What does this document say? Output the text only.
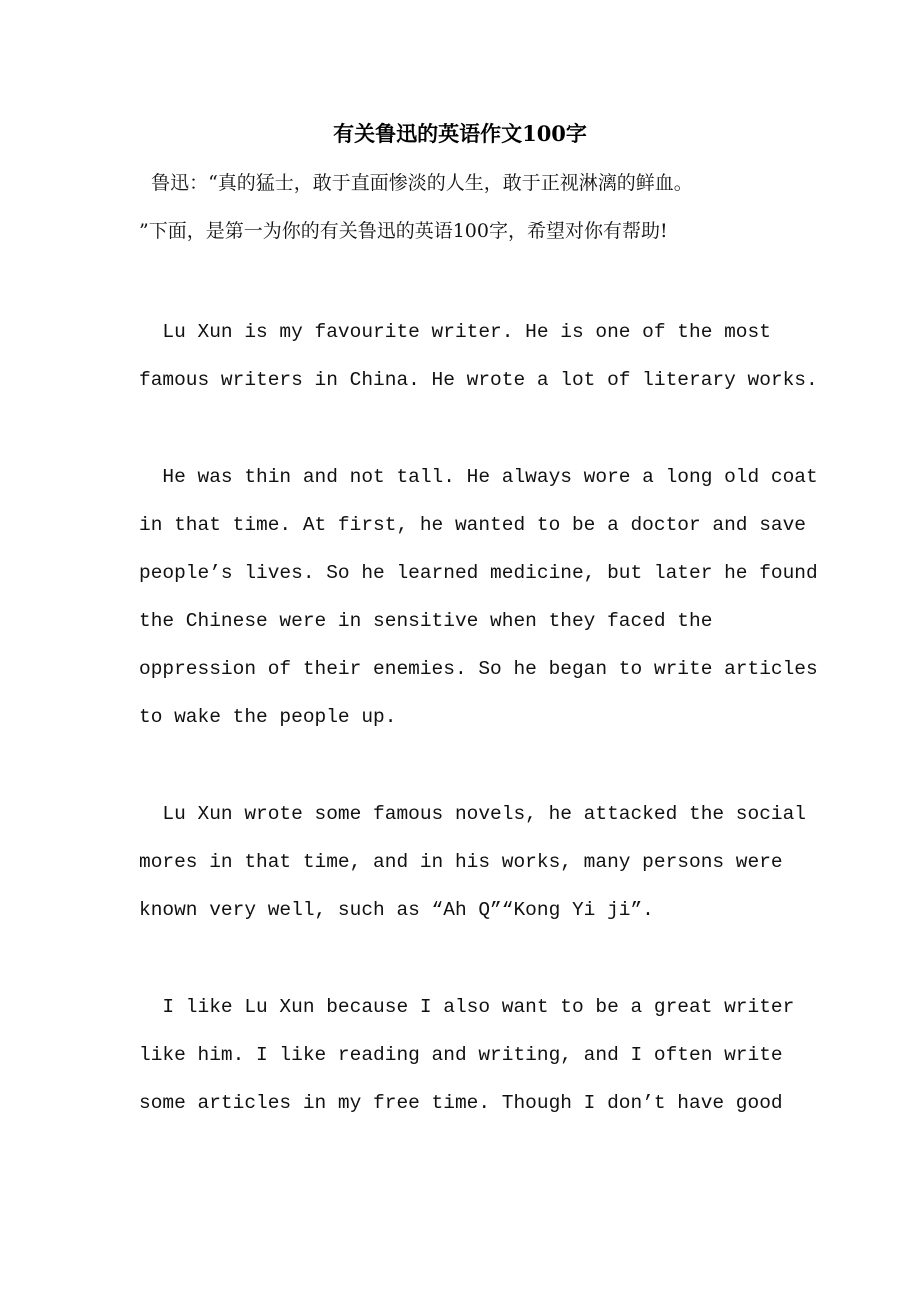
有关鲁迅的英语作文100字

鲁迅：“真的猛士，敢于直面惨淡的人生，敢于正视淋漓的鲜血。

”下面，是第一为你的有关鲁迅的英语100字，希望对你有帮助!

Lu Xun is my favourite writer. He is one of the most

famous writers in China. He wrote a lot of literary works.

He was thin and not tall. He always wore a long old coat

in that time. At first, he wanted to be a doctor and save

people’s lives. So he learned medicine, but later he found

the Chinese were in sensitive when they faced the

oppression of their enemies. So he began to write articles

to wake the people up.

Lu Xun wrote some famous novels, he attacked the social

mores in that time, and in his works, many persons were

known very well, such as “Ah Q”“Kong Yi ji”.

I like Lu Xun because I also want to be a great writer

like him. I like reading and writing, and I often write

some articles in my free time. Though I don’t have good
